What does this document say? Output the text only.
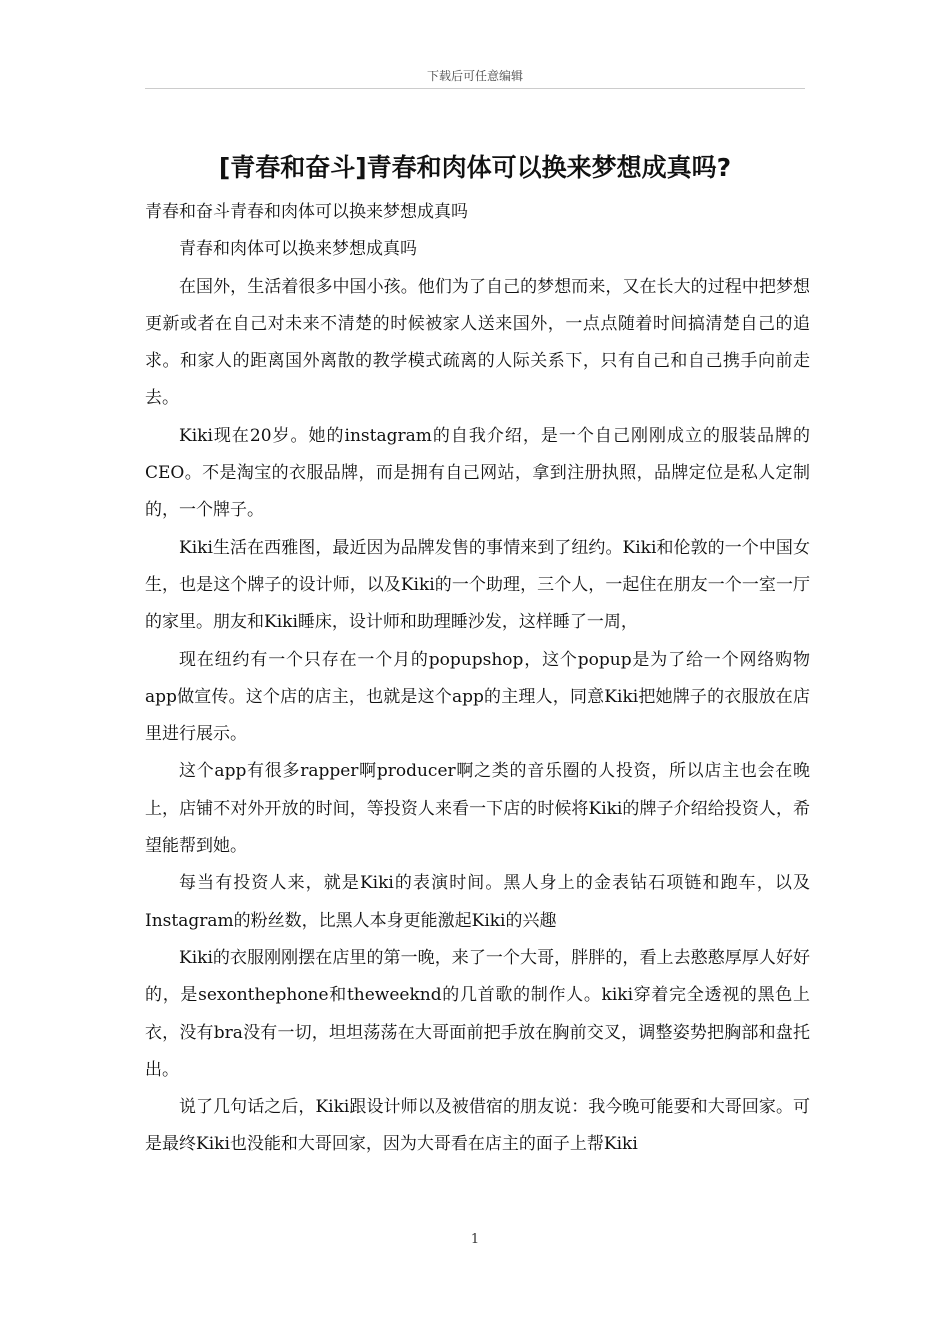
下载后可任意编辑
[青春和奋斗]青春和肉体可以换来梦想成真吗?

青春和奋斗青春和肉体可以换来梦想成真吗

青春和肉体可以换来梦想成真吗

在国外，生活着很多中国小孩。他们为了自己的梦想而来，又在长大的过程中把梦想更新或者在自己对未来不清楚的时候被家人送来国外，一点点随着时间搞清楚自己的追求。和家人的距离国外离散的教学模式疏离的人际关系下，只有自己和自己携手向前走去。

Kiki现在20岁。她的instagram的自我介绍，是一个自己刚刚成立的服装品牌的CEO。不是淘宝的衣服品牌，而是拥有自己网站，拿到注册执照，品牌定位是私人定制的，一个牌子。

Kiki生活在西雅图，最近因为品牌发售的事情来到了纽约。Kiki和伦敦的一个中国女生，也是这个牌子的设计师，以及Kiki的一个助理，三个人，一起住在朋友一个一室一厅的家里。朋友和Kiki睡床，设计师和助理睡沙发，这样睡了一周，

现在纽约有一个只存在一个月的popupshop，这个popup是为了给一个网络购物app做宣传。这个店的店主，也就是这个app的主理人，同意Kiki把她牌子的衣服放在店里进行展示。

这个app有很多rapper啊producer啊之类的音乐圈的人投资，所以店主也会在晚上，店铺不对外开放的时间，等投资人来看一下店的时候将Kiki的牌子介绍给投资人，希望能帮到她。

每当有投资人来，就是Kiki的表演时间。黑人身上的金表钻石项链和跑车，以及Instagram的粉丝数，比黑人本身更能激起Kiki的兴趣

Kiki的衣服刚刚摆在店里的第一晚，来了一个大哥，胖胖的，看上去憨憨厚厚人好好的，是sexonthephone和theweeknd的几首歌的制作人。kiki穿着完全透视的黑色上衣，没有bra没有一切，坦坦荡荡在大哥面前把手放在胸前交叉，调整姿势把胸部和盘托出。

说了几句话之后，Kiki跟设计师以及被借宿的朋友说：我今晚可能要和大哥回家。可是最终Kiki也没能和大哥回家，因为大哥看在店主的面子上帮Kiki

1
